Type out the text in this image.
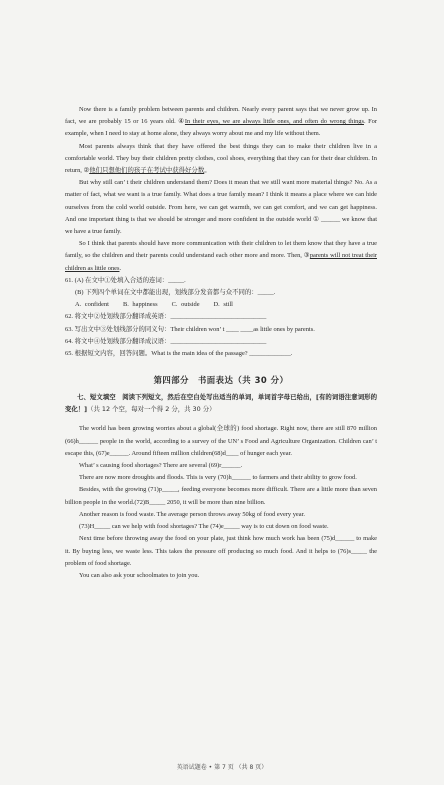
Now there is a family problem between parents and children. Nearly every parent says that we never grow up. In fact, we are probably 15 or 16 years old. ④In their eyes, we are always little ones, and often do wrong things. For example, when I need to stay at home alone, they always worry about me and my life without them.

Most parents always think that they have offered the best things they can to make their children live in a comfortable world. They buy their children pretty clothes, cool shoes, everything that they can for their dear children. In return, ②他们只想他们的孩子在考试中获得好分数。

But why still can’ t their children understand them? Does it mean that we still want more material things? No. As a matter of fact, what we want is a true family. What does a true family mean? I think it means a place where we can hide ourselves from the cold world outside. From here, we can get warmth, we can get comfort, and we can get happiness. And one important thing is that we should be stronger and more confident in the outside world ① ______ we know that we have a true family.

So I think that parents should have more communication with their children to let them know that they have a true family, so the children and their parents could understand each other more and more. Then, ③parents will not treat their children as little ones.

61. (A) 在文中①处填入合适的连词：_____.

(B) 下列四个单词在文中都能出现，划线部分发音都与众不同的：_____.

A. confident B. happiness C. outside D. still

62. 将文中②处划线部分翻译成英语：______________________________

63. 写出文中③处划线部分的同义句：Their children won’ t ____ ____as little ones by parents.

64. 将文中④处划线部分翻译成汉语：______________________________

65. 根据短文内容，回答问题。What is the main idea of the passage? _____________.

第四部分　书面表达（共 30 分）

七、短文填空　阅读下列短文，然后在空白处写出适当的单词，单词首字母已给出，[有的词语注意词形的变化！]（共 12 个空，每对一个得 2 分，共 30 分）

The world has been growing worries about a global(全球的) food shortage. Right now, there are still 870 million (66)h______ people in the world, according to a survey of the UN’ s Food and Agriculture Organization. Children can’ t escape this, (67)e______. Around fifteen million children(68)d____ of hunger each year.

What’ s causing food shortages? There are several (69)r______.

There are now more droughts and floods. This is very (70)h______ to farmers and their ability to grow food.

Besides, with the growing (71)p_____, feeding everyone becomes more difficult. There are a little more than seven billion people in the world.(72)B_____ 2050, it will be more than nine billion.

Another reason is food waste. The average person throws away 50kg of food every year.

(73)H_____ can we help with food shortages? The (74)e_____ way is to cut down on food waste.

Next time before throwing away the food on your plate, just think how much work has been (75)d______ to make it. By buying less, we waste less. This takes the pressure off producing so much food. And it helps to (76)s_____ the problem of food shortage.

You can also ask your schoolmates to join you.

英语试题卷 • 第 7 页 （共 8 页）
